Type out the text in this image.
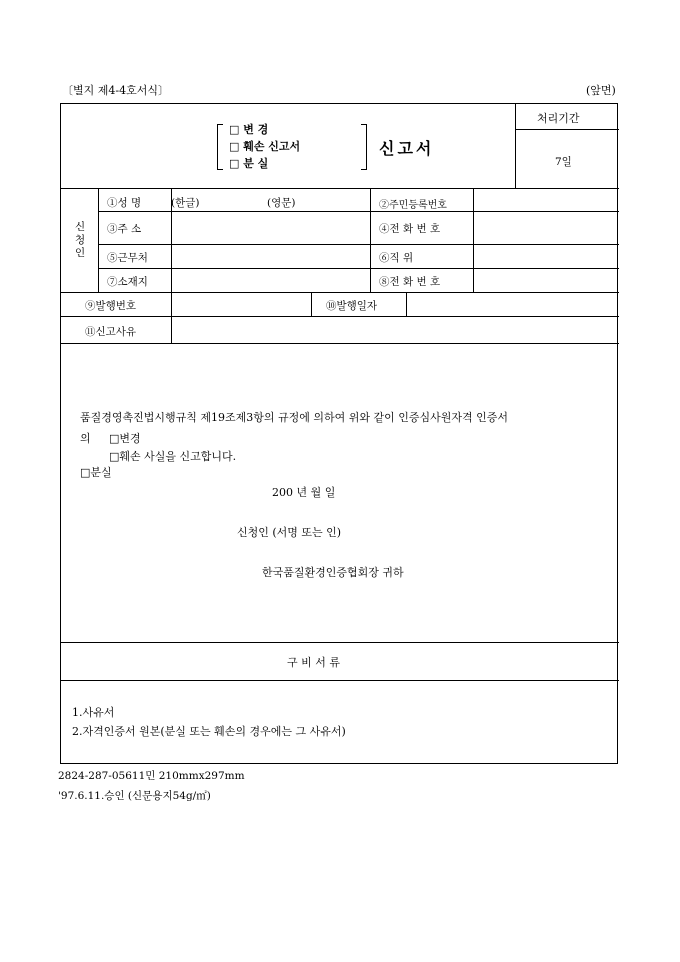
〔별지 제4-4호서식〕	(앞면)
□ 변 경
□ 훼손 신고서
□ 분 실
신고서
처리기간
7일
신
청
인
①성 명	(한글)	(영문)	②주민등록번호
③주 소	④전 화 번 호
⑤근무처	⑥직 위
⑦소재지	⑧전 화 번 호
⑨발행번호	⑩발행일자
⑪신고사유
품질경영촉진법시행규칙 제19조제3항의 규정에 의하여 위와 같이 인증심사원자격 인증서
의 □변경
□훼손 사실을 신고합니다.
□분실
200 년 월 일
신청인 (서명 또는 인)
한국품질환경인증협회장 귀하
구 비 서 류
1.사유서
2.자격인증서 원본(분실 또는 훼손의 경우에는 그 사유서)
2824-287-05611민 210mmx297mm
'97.6.11.승인 (신문용지54g/㎡)
